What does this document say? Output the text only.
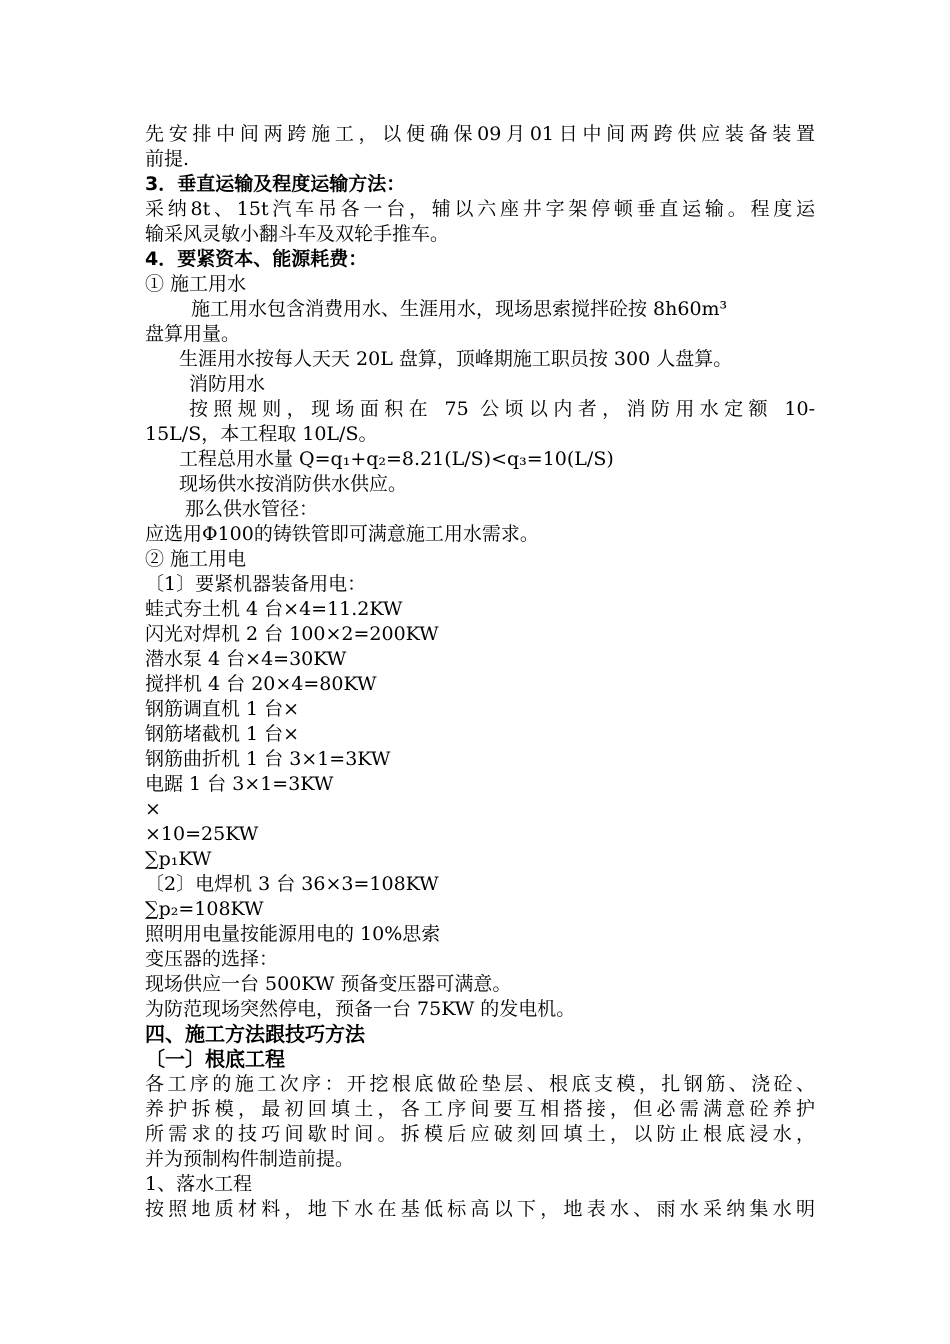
先安排中间两跨施工，以便确保09月01日中间两跨供应装备装置
前提.
3．垂直运输及程度运输方法：
采纳8t、15t汽车吊各一台，辅以六座井字架停顿垂直运输。程度运
输采风灵敏小翻斗车及双轮手推车。
4．要紧资本、能源耗费：
① 施工用水
施工用水包含消费用水、生涯用水，现场思索搅拌砼按 8h60m³
盘算用量。
生涯用水按每人天天 20L 盘算，顶峰期施工职员按 300 人盘算。
消防用水
按照规则，现场面积在 75 公顷以内者，消防用水定额 10-
15L/S，本工程取 10L/S。
工程总用水量 Q=q₁+q₂=8.21(L/S)<q₃=10(L/S)
现场供水按消防供水供应。
那么供水管径：
应选用Φ100的铸铁管即可满意施工用水需求。
② 施工用电
〔1〕要紧机器装备用电：
蛙式夯土机 4 台×4=11.2KW
闪光对焊机 2 台 100×2=200KW
潜水泵 4 台×4=30KW
搅拌机 4 台 20×4=80KW
钢筋调直机 1 台×
钢筋堵截机 1 台×
钢筋曲折机 1 台 3×1=3KW
电踞 1 台 3×1=3KW
×
×10=25KW
∑p₁KW
〔2〕电焊机 3 台 36×3=108KW
∑p₂=108KW
照明用电量按能源用电的 10%思索
变压器的选择：
现场供应一台 500KW 预备变压器可满意。
为防范现场突然停电，预备一台 75KW 的发电机。
四、施工方法跟技巧方法
〔一〕根底工程
各工序的施工次序：开挖根底做砼垫层、根底支模，扎钢筋、浇砼、
养护拆模，最初回填土，各工序间要互相搭接，但必需满意砼养护
所需求的技巧间歇时间。拆模后应破刻回填土，以防止根底浸水，
并为预制构件制造前提。
1、落水工程
按照地质材料，地下水在基低标高以下，地表水、雨水采纳集水明
